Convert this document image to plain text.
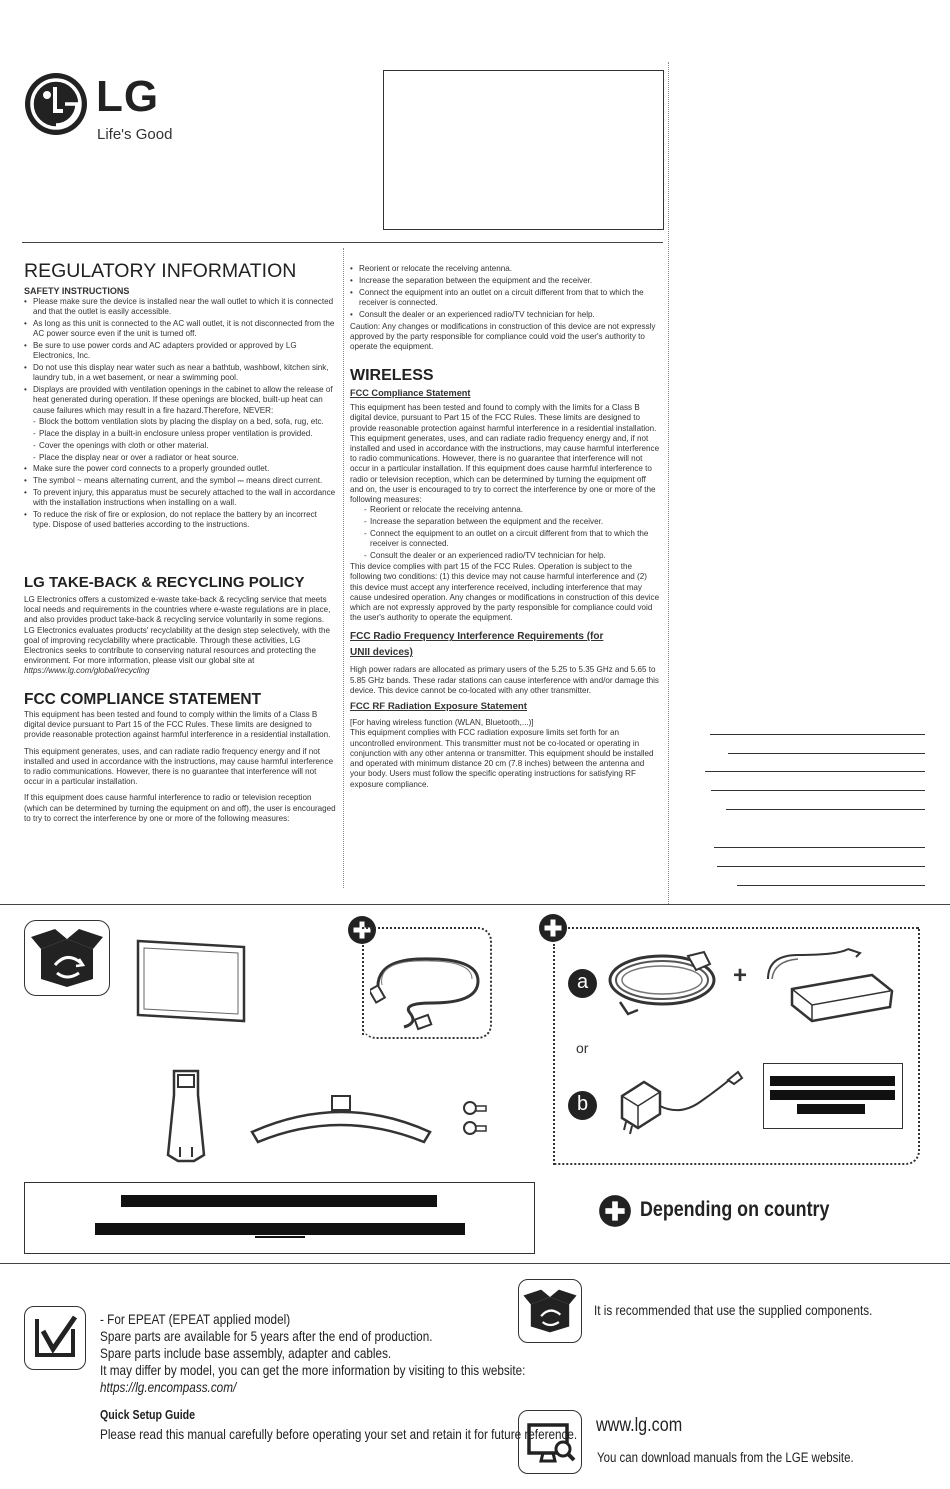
LG
Life's Good
REGULATORY INFORMATION
SAFETY INSTRUCTIONS
• Please make sure the device is installed near the wall outlet to which it is connected and that the outlet is easily accessible.
• As long as this unit is connected to the AC wall outlet, it is not disconnected from the AC power source even if the unit is turned off.
• Be sure to use power cords and AC adapters provided or approved by LG Electronics, Inc.
• Do not use this display near water such as near a bathtub, washbowl, kitchen sink, laundry tub, in a wet basement, or near a swimming pool.
• Displays are provided with ventilation openings in the cabinet to allow the release of heat generated during operation. If these openings are blocked, built-up heat can cause failures which may result in a fire hazard.Therefore, NEVER:
- Block the bottom ventilation slots by placing the display on a bed, sofa, rug, etc.
- Place the display in a built-in enclosure unless proper ventilation is provided.
- Cover the openings with cloth or other material.
- Place the display near or over a radiator or heat source.
• Make sure the power cord connects to a properly grounded outlet.
• The symbol ~ means alternating current, and the symbol ⎓ means direct current.
• To prevent injury, this apparatus must be securely attached to the wall in accordance with the installation instructions when installing on a wall.
• To reduce the risk of fire or explosion, do not replace the battery by an incorrect type. Dispose of used batteries according to the instructions.
LG TAKE-BACK & RECYCLING POLICY
LG Electronics offers a customized e-waste take-back & recycling service that meets local needs and requirements in the countries where e-waste regulations are in place, and also provides product take-back & recycling service voluntarily in some regions. LG Electronics evaluates products' recyclability at the design step selectively, with the goal of improving recyclability where practicable. Through these activities, LG Electronics seeks to contribute to conserving natural resources and protecting the environment. For more information, please visit our global site at
https://www.lg.com/global/recycling
FCC COMPLIANCE STATEMENT
This equipment has been tested and found to comply within the limits of a Class B digital device pursuant to Part 15 of the FCC Rules. These limits are designed to provide reasonable protection against harmful interference in a residential installation.
This equipment generates, uses, and can radiate radio frequency energy and if not installed and used in accordance with the instructions, may cause harmful interference to radio communications. However, there is no guarantee that interference will not occur in a particular installation.
If this equipment does cause harmful interference to radio or television reception (which can be determined by turning the equipment on and off), the user is encouraged to try to correct the interference by one or more of the following measures:
• Reorient or relocate the receiving antenna.
• Increase the separation between the equipment and the receiver.
• Connect the equipment into an outlet on a circuit different from that to which the receiver is connected.
• Consult the dealer or an experienced radio/TV technician for help.
Caution: Any changes or modifications in construction of this device are not expressly approved by the party responsible for compliance could void the user's authority to operate the equipment.
WIRELESS
FCC Compliance Statement
This equipment has been tested and found to comply with the limits for a Class B digital device, pursuant to Part 15 of the FCC Rules. These limits are designed to provide reasonable protection against harmful interference in a residential installation. This equipment generates, uses, and can radiate radio frequency energy and, if not installed and used in accordance with the instructions, may cause harmful interference to radio communications. However, there is no guarantee that interference will not occur in a particular installation. If this equipment does cause harmful interference to radio or television reception, which can be determined by turning the equipment off and on, the user is encouraged to try to correct the interference by one or more of the following measures:
- Reorient or relocate the receiving antenna.
- Increase the separation between the equipment and the receiver.
- Connect the equipment to an outlet on a circuit different from that to which the receiver is connected.
- Consult the dealer or an experienced radio/TV technician for help.
This device complies with part 15 of the FCC Rules. Operation is subject to the following two conditions: (1) this device may not cause harmful interference and (2) this device must accept any interference received, including interference that may cause undesired operation. Any changes or modifications in construction of this device which are not expressly approved by the party responsible for compliance could void the user's authority to operate the equipment.
FCC Radio Frequency Interference Requirements (for
UNII devices)
High power radars are allocated as primary users of the 5.25 to 5.35 GHz and 5.65 to 5.85 GHz bands. These radar stations can cause interference with and/or damage this device. This device cannot be co-located with any other transmitter.
FCC RF Radiation Exposure Statement
[For having wireless function (WLAN, Bluetooth,...)]
This equipment complies with FCC radiation exposure limits set forth for an uncontrolled environment. This transmitter must not be co-located or operating in conjunction with any other antenna or transmitter. This equipment should be installed and operated with minimum distance 20 cm (7.8 inches) between the antenna and your body. Users must follow the specific operating instructions for satisfying RF exposure compliance.
a	+
or
b
Depending on country
- For EPEAT (EPEAT applied model)
Spare parts are available for 5 years after the end of production.
Spare parts include base assembly, adapter and cables.
It may differ by model, you can get the more information by visiting to this website:
https://lg.encompass.com/
Quick Setup Guide
Please read this manual carefully before operating your set and retain it for future reference.
It is recommended that use the supplied components.
www.lg.com
You can download manuals from the LGE website.
